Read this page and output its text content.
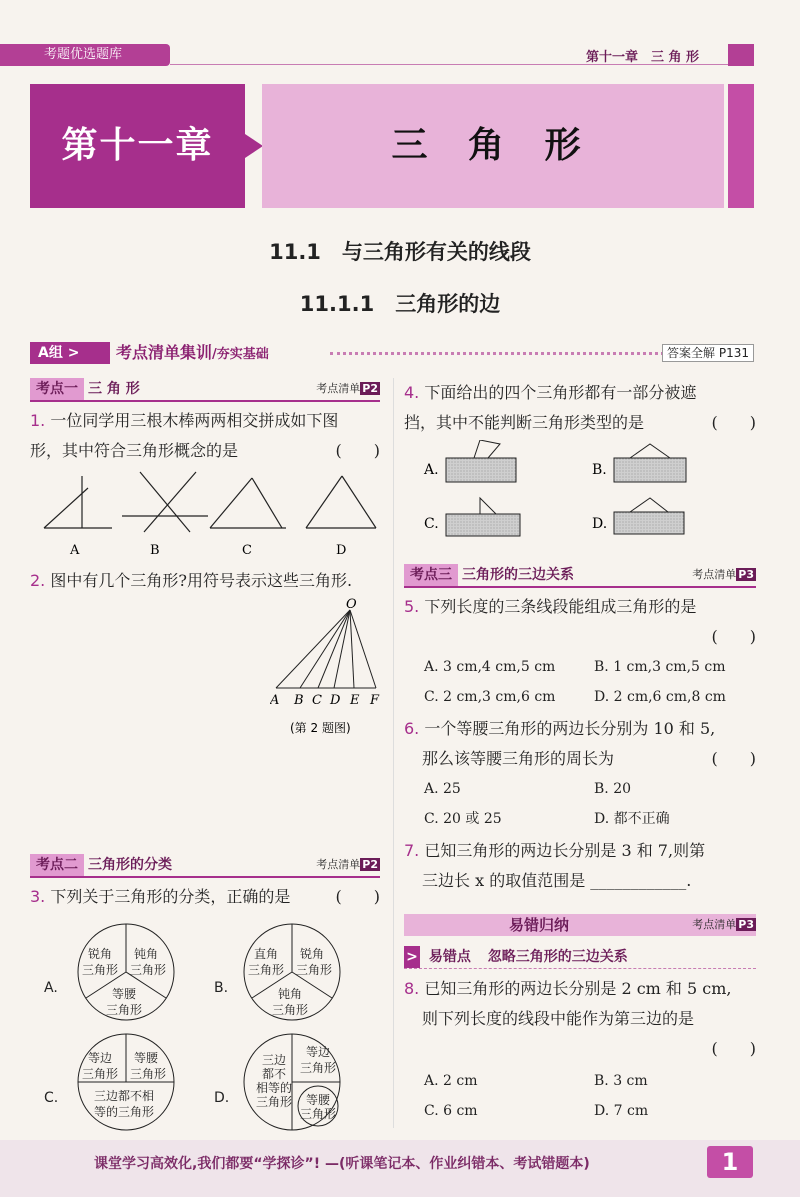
考题优选题库	第十一章　三 角 形
第十一章	三 角 形
11.1　与三角形有关的线段
11.1.1　三角形的边
A组 >	考点清单集训/夯实基础	答案全解 P131
考点一 三 角 形	考点清单 P2
1. 一位同学用三根木棒两两相交拼成如下图
形，其中符合三角形概念的是	(　　)
A	B	C	D
2. 图中有几个三角形?用符号表示这些三角形.
O
A B C D E F
(第 2 题图)
考点二 三角形的分类	考点清单 P2
3. 下列关于三角形的分类，正确的是	(　　)
A.
锐角
三角形
钝角
三角形
等腰
三角形
B.
直角
三角形
锐角
三角形
钝角
三角形
C.
等边
三角形
等腰
三角形
三边都不相
等的三角形
D.
三边
都不
相等的
三角形
等边
三角形
等腰
三角形
4. 下面给出的四个三角形都有一部分被遮
挡，其中不能判断三角形类型的是	(　　)
A.	B.
C.	D.
考点三 三角形的三边关系	考点清单 P3
5. 下列长度的三条线段能组成三角形的是
(　　)
A. 3 cm,4 cm,5 cm	B. 1 cm,3 cm,5 cm
C. 2 cm,3 cm,6 cm	D. 2 cm,6 cm,8 cm
6. 一个等腰三角形的两边长分别为 10 和 5,
那么该等腰三角形的周长为	(　　)
A. 25	B. 20
C. 20 或 25	D. 都不正确
7. 已知三角形的两边长分别是 3 和 7,则第
三边长 x 的取值范围是 ____________.
易错归纳	考点清单 P3
> 易错点 忽略三角形的三边关系
8. 已知三角形的两边长分别是 2 cm 和 5 cm,
则下列长度的线段中能作为第三边的是
(　　)
A. 2 cm	B. 3 cm
C. 6 cm	D. 7 cm
课堂学习高效化,我们都要“学探诊”! —(听课笔记本、作业纠错本、考试错题本)	1
